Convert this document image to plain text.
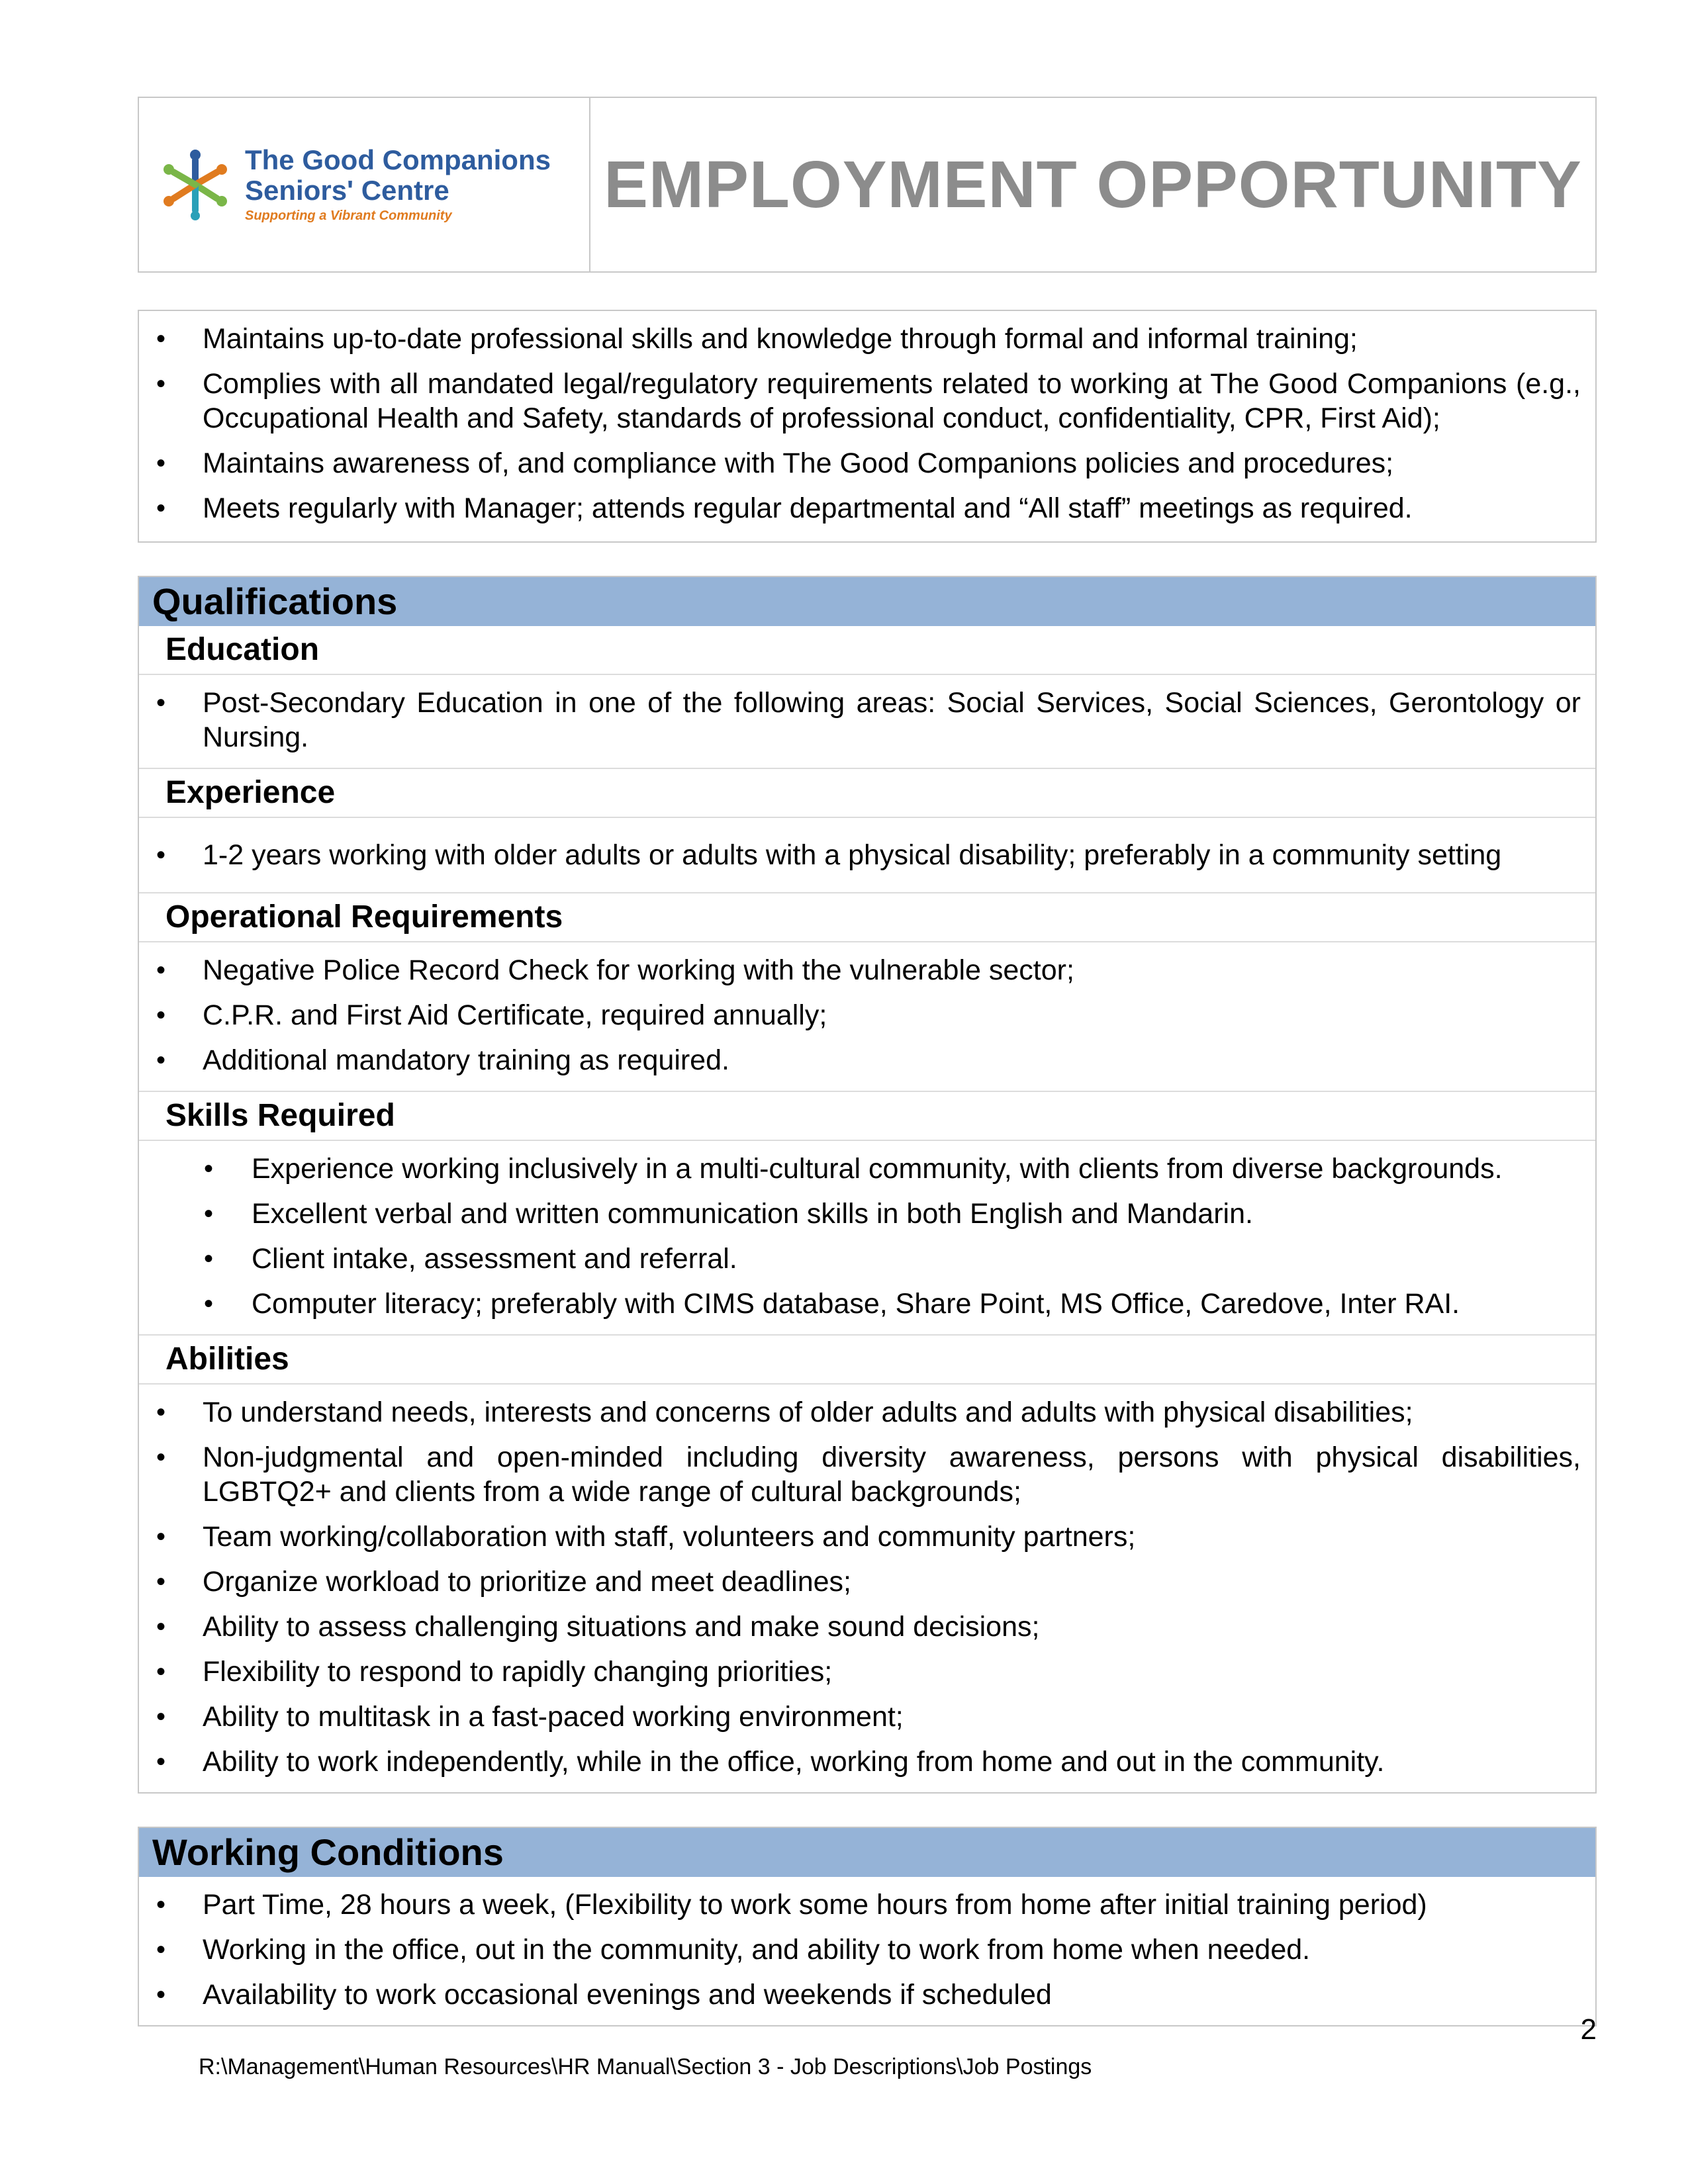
The Good Companions
Seniors' Centre
Supporting a Vibrant Community	EMPLOYMENT OPPORTUNITY
• Maintains up-to-date professional skills and knowledge through formal and informal training;
• Complies with all mandated legal/regulatory requirements related to working at The Good Companions (e.g., Occupational Health and Safety, standards of professional conduct, confidentiality, CPR, First Aid);
• Maintains awareness of, and compliance with The Good Companions policies and procedures;
• Meets regularly with Manager; attends regular departmental and “All staff” meetings as required.
Qualifications
Education
• Post-Secondary Education in one of the following areas: Social Services, Social Sciences, Gerontology or Nursing.
Experience
• 1-2 years working with older adults or adults with a physical disability; preferably in a community setting
Operational Requirements
• Negative Police Record Check for working with the vulnerable sector;
• C.P.R. and First Aid Certificate, required annually;
• Additional mandatory training as required.
Skills Required
• Experience working inclusively in a multi-cultural community, with clients from diverse backgrounds.
• Excellent verbal and written communication skills in both English and Mandarin.
• Client intake, assessment and referral.
• Computer literacy; preferably with CIMS database, Share Point, MS Office, Caredove, Inter RAI.
Abilities
• To understand needs, interests and concerns of older adults and adults with physical disabilities;
• Non-judgmental and open-minded including diversity awareness, persons with physical disabilities, LGBTQ2+ and clients from a wide range of cultural backgrounds;
• Team working/collaboration with staff, volunteers and community partners;
• Organize workload to prioritize and meet deadlines;
• Ability to assess challenging situations and make sound decisions;
• Flexibility to respond to rapidly changing priorities;
• Ability to multitask in a fast-paced working environment;
• Ability to work independently, while in the office, working from home and out in the community.
Working Conditions
• Part Time, 28 hours a week, (Flexibility to work some hours from home after initial training period)
• Working in the office, out in the community, and ability to work from home when needed.
• Availability to work occasional evenings and weekends if scheduled
2
R:\Management\Human Resources\HR Manual\Section 3 - Job Descriptions\Job Postings
